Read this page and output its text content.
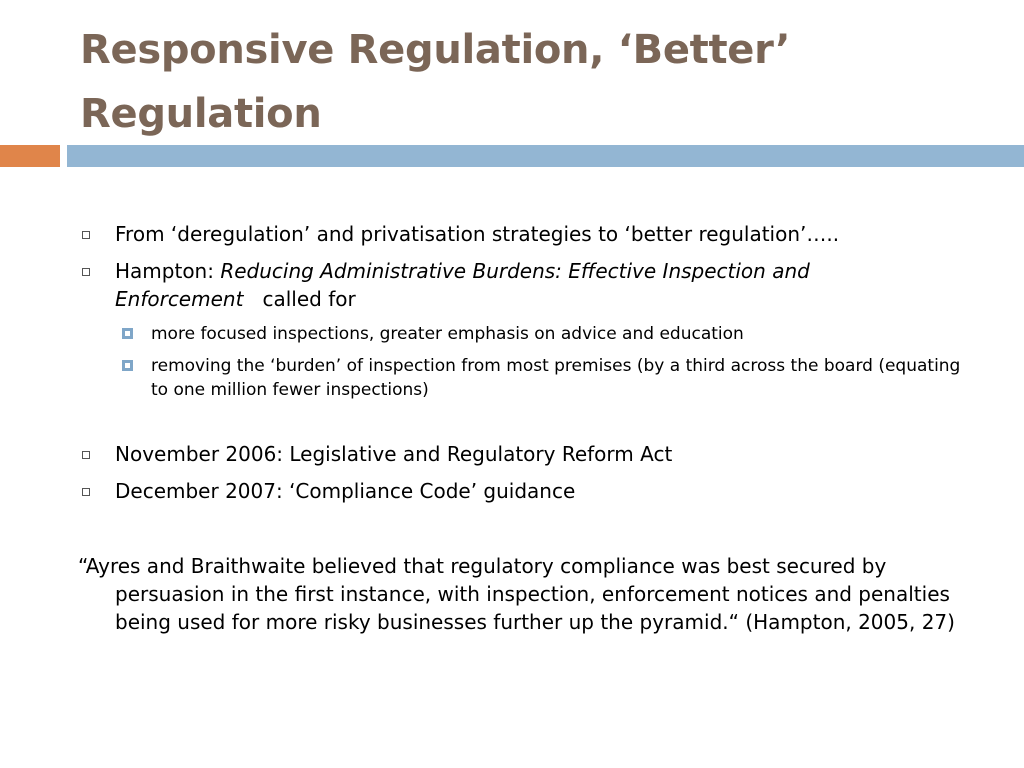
Responsive Regulation, ‘Better’ Regulation
From ‘deregulation’ and privatisation strategies to ‘better regulation’…..
Hampton: Reducing Administrative Burdens: Effective Inspection and Enforcement called for
more focused inspections, greater emphasis on advice and education
removing the ‘burden’ of inspection from most premises (by a third across the board (equating to one million fewer inspections)
November 2006: Legislative and Regulatory Reform Act
December 2007: ‘Compliance Code’ guidance
“Ayres and Braithwaite believed that regulatory compliance was best secured by persuasion in the first instance, with inspection, enforcement notices and penalties being used for more risky businesses further up the pyramid.“ (Hampton, 2005, 27)
